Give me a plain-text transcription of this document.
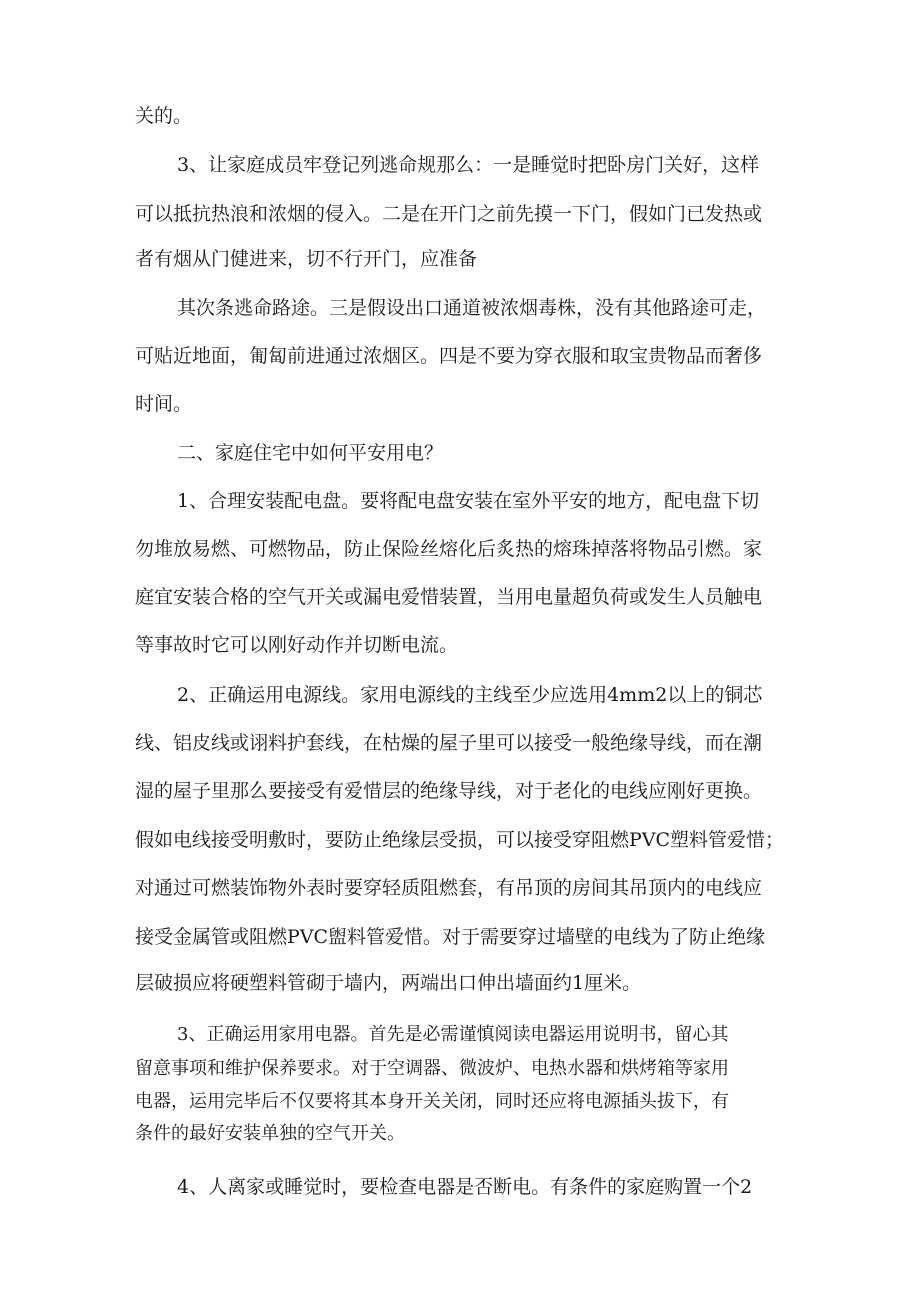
关的。

3、让家庭成员牢登记列逃命规那么：一是睡觉时把卧房门关好，这样

可以抵抗热浪和浓烟的侵入。二是在开门之前先摸一下门，假如门已发热或

者有烟从门健进来，切不行开门，应准备

其次条逃命路途。三是假设出口通道被浓烟毒株，没有其他路途可走，

可贴近地面，匍匐前进通过浓烟区。四是不要为穿衣服和取宝贵物品而奢侈

时间。

二、家庭住宅中如何平安用电？

1、合理安装配电盘。要将配电盘安装在室外平安的地方，配电盘下切

勿堆放易燃、可燃物品，防止保险丝熔化后炙热的熔珠掉落将物品引燃。家

庭宜安装合格的空气开关或漏电爱惜装置，当用电量超负荷或发生人员触电

等事故时它可以刚好动作并切断电流。

2、正确运用电源线。家用电源线的主线至少应选用4mm2以上的铜芯

线、铝皮线或诩料护套线，在枯燥的屋子里可以接受一般绝缘导线，而在潮

湿的屋子里那么要接受有爱惜层的绝缘导线，对于老化的电线应刚好更换。

假如电线接受明敷时，要防止绝缘层受损，可以接受穿阻燃PVC塑料管爱惜；

对通过可燃装饰物外表时要穿轻质阻燃套，有吊顶的房间其吊顶内的电线应

接受金属管或阻燃PVC盥料管爱惜。对于需要穿过墙壁的电线为了防止绝缘

层破损应将硬塑料管砌于墙内，两端出口伸出墙面约1厘米。

3、正确运用家用电器。首先是必需谨慎阅读电器运用说明书，留心其

留意事项和维护保养要求。对于空调器、微波炉、电热水器和烘烤箱等家用

电器，运用完毕后不仅要将其本身开关关闭，同时还应将电源插头拔下，有

条件的最好安装单独的空气开关。

4、人离家或睡觉时，要检查电器是否断电。有条件的家庭购置一个2
